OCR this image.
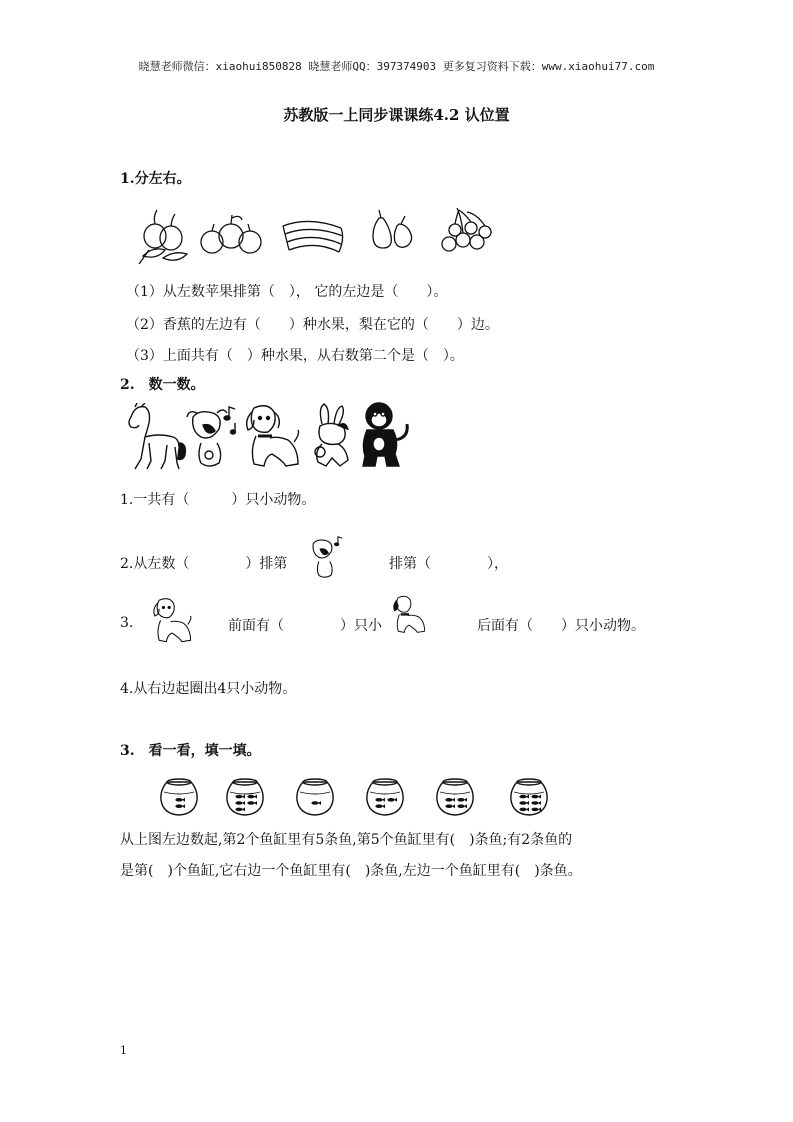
晓慧老师微信：xiaohui850828 晓慧老师QQ：397374903 更多复习资料下载：www.xiaohui77.com
苏教版一上同步课课练4.2 认位置
1.分左右。
（1）从左数苹果排第（　）， 它的左边是（　　）。
（2）香蕉的左边有（　　）种水果，梨在它的（　　）边。
（3）上面共有（　）种水果，从右数第二个是（　）。
2.　数一数。
1.一共有（　　　）只小动物。
2.从左数（　　　　）排第	排第（　　　　），
3.	前面有（　　　　）只小	后面有（　　）只小动物。
4.从右边起圈出4只小动物。
3.　看一看，填一填。
从上图左边数起,第2个鱼缸里有5条鱼,第5个鱼缸里有(　)条鱼;有2条鱼的
是第(　)个鱼缸,它右边一个鱼缸里有(　)条鱼,左边一个鱼缸里有(　)条鱼。
1
